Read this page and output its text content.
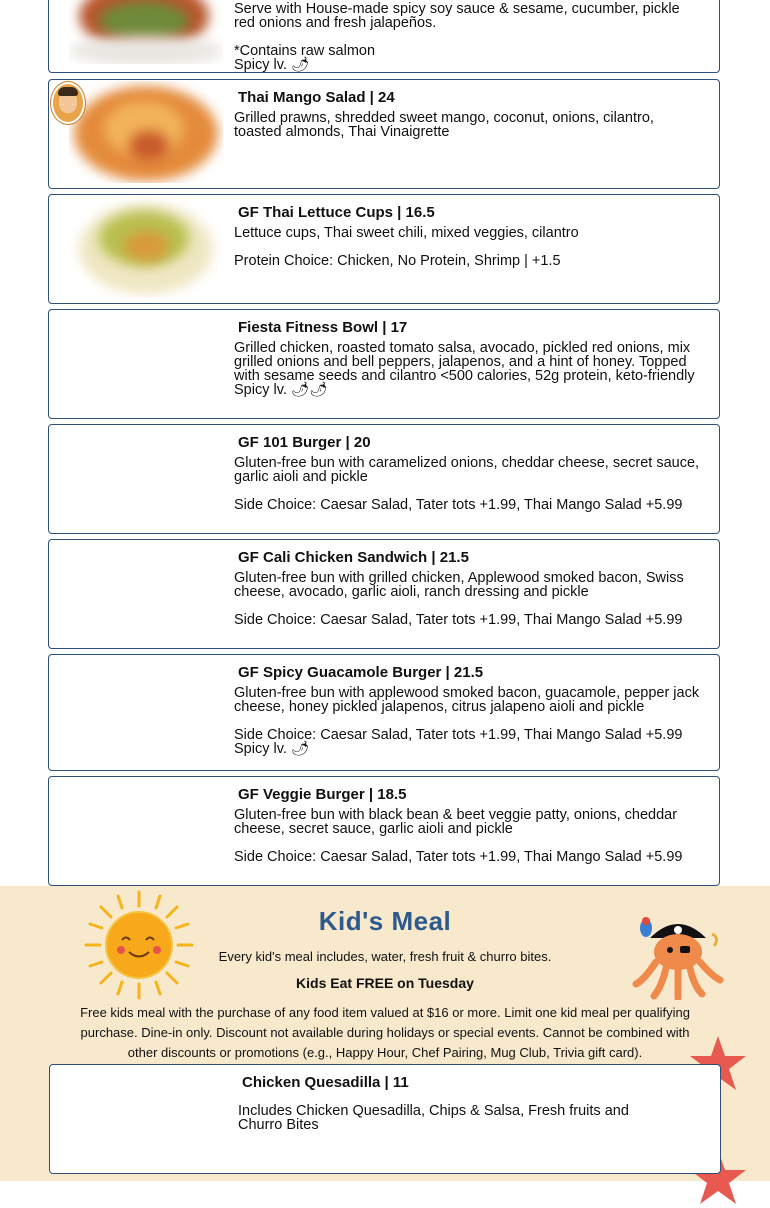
Serve with House-made spicy soy sauce & sesame, cucumber, pickle red onions and fresh jalapeños.

*Contains raw salmon

Spicy lv. 🌶

Thai Mango Salad | 24

Grilled prawns, shredded sweet mango, coconut, onions, cilantro, toasted almonds, Thai Vinaigrette

GF Thai Lettuce Cups | 16.5

Lettuce cups, Thai sweet chili, mixed veggies, cilantro

Protein Choice: Chicken, No Protein, Shrimp | +1.5

Fiesta Fitness Bowl | 17

Grilled chicken, roasted tomato salsa, avocado, pickled red onions, mix grilled onions and bell peppers, jalapenos, and a hint of honey. Topped with sesame seeds and cilantro <500 calories, 52g protein, keto-friendly

Spicy lv. 🌶🌶

GF 101 Burger | 20

Gluten-free bun with caramelized onions, cheddar cheese, secret sauce, garlic aioli and pickle

Side Choice: Caesar Salad, Tater tots +1.99, Thai Mango Salad +5.99

GF Cali Chicken Sandwich | 21.5

Gluten-free bun with grilled chicken, Applewood smoked bacon, Swiss cheese, avocado, garlic aioli, ranch dressing and pickle

Side Choice: Caesar Salad, Tater tots +1.99, Thai Mango Salad +5.99

GF Spicy Guacamole Burger | 21.5

Gluten-free bun with applewood smoked bacon, guacamole, pepper jack cheese, honey pickled jalapenos, citrus jalapeno aioli and pickle

Side Choice: Caesar Salad, Tater tots +1.99, Thai Mango Salad +5.99

Spicy lv. 🌶

GF Veggie Burger | 18.5

Gluten-free bun with black bean & beet veggie patty, onions, cheddar cheese, secret sauce, garlic aioli and pickle

Side Choice: Caesar Salad, Tater tots +1.99, Thai Mango Salad +5.99

Kid's Meal
Every kid's meal includes, water, fresh fruit & churro bites.
Kids Eat FREE on Tuesday
Free kids meal with the purchase of any food item valued at $16 or more. Limit one kid meal per qualifying purchase. Dine-in only. Discount not available during holidays or special events. Cannot be combined with other discounts or promotions (e.g., Happy Hour, Chef Pairing, Mug Club, Trivia gift card).

Chicken Quesadilla | 11

Includes Chicken Quesadilla, Chips & Salsa, Fresh fruits and Churro Bites
